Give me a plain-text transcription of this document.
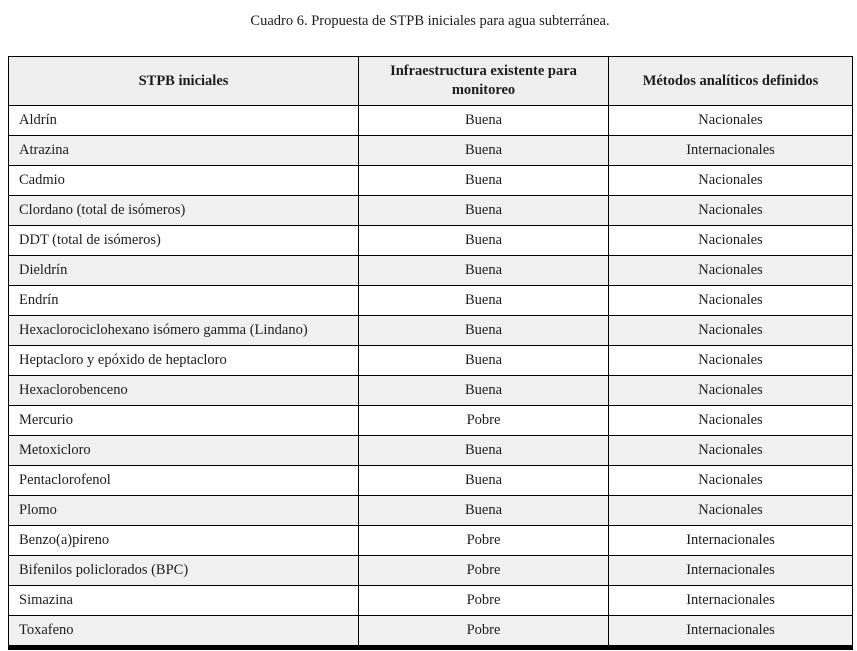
Cuadro 6. Propuesta de STPB iniciales para agua subterránea.
STPB iniciales	Infraestructura existente para monitoreo	Métodos analíticos definidos
Aldrín	Buena	Nacionales
Atrazina	Buena	Internacionales
Cadmio	Buena	Nacionales
Clordano (total de isómeros)	Buena	Nacionales
DDT (total de isómeros)	Buena	Nacionales
Dieldrín	Buena	Nacionales
Endrín	Buena	Nacionales
Hexaclorociclohexano isómero gamma (Lindano)	Buena	Nacionales
Heptacloro y epóxido de heptacloro	Buena	Nacionales
Hexaclorobenceno	Buena	Nacionales
Mercurio	Pobre	Nacionales
Metoxicloro	Buena	Nacionales
Pentaclorofenol	Buena	Nacionales
Plomo	Buena	Nacionales
Benzo(a)pireno	Pobre	Internacionales
Bifenilos policlorados (BPC)	Pobre	Internacionales
Simazina	Pobre	Internacionales
Toxafeno	Pobre	Internacionales
